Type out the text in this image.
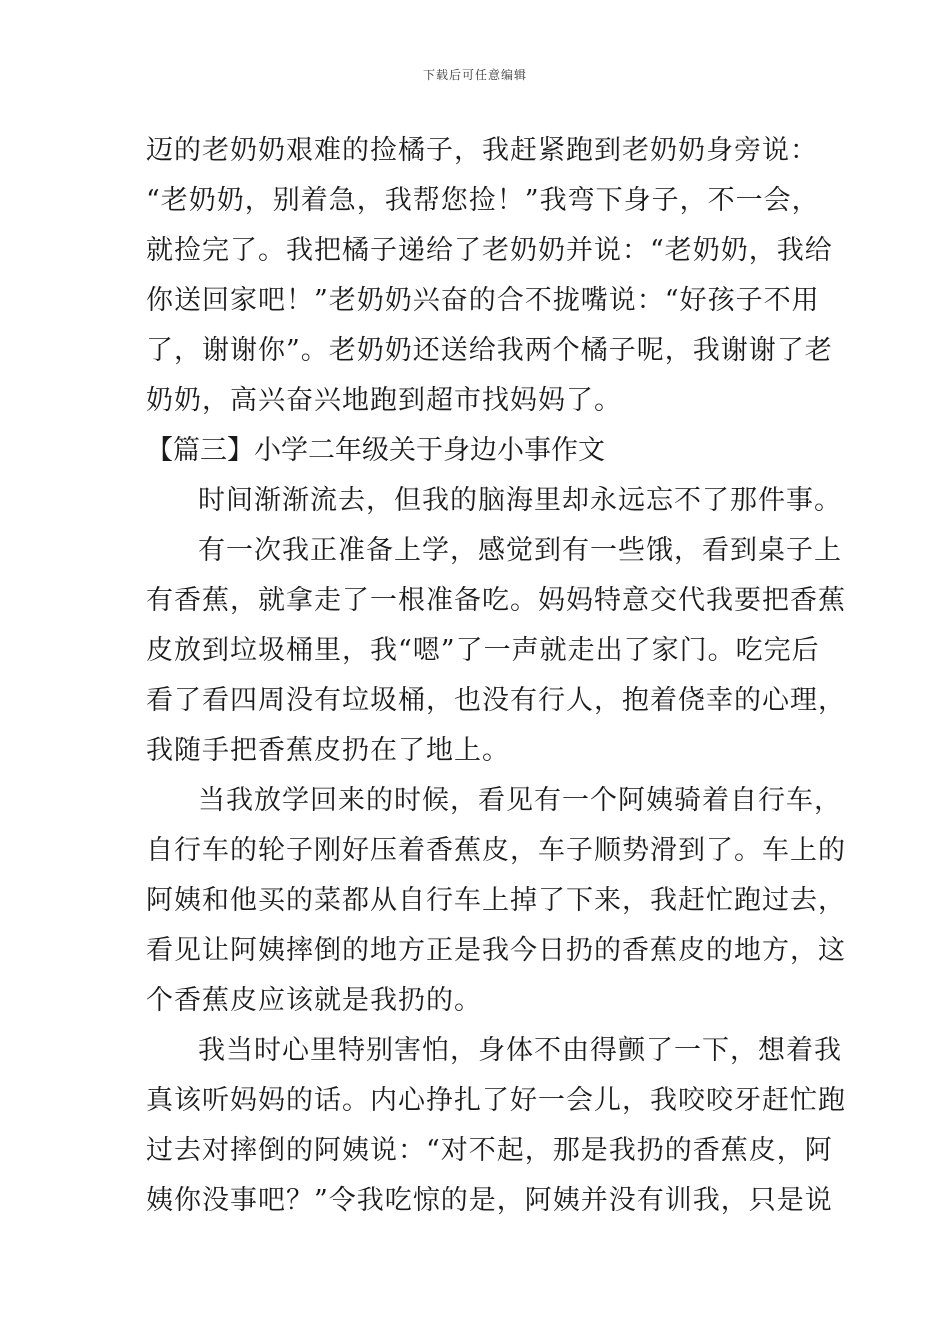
下载后可任意编辑
迈的老奶奶艰难的捡橘子，我赶紧跑到老奶奶身旁说：
“老奶奶，别着急，我帮您捡！”我弯下身子，不一会，
就捡完了。我把橘子递给了老奶奶并说：“老奶奶，我给
你送回家吧！”老奶奶兴奋的合不拢嘴说：“好孩子不用
了，谢谢你”。老奶奶还送给我两个橘子呢，我谢谢了老
奶奶，高兴奋兴地跑到超市找妈妈了。
【篇三】小学二年级关于身边小事作文
时间渐渐流去，但我的脑海里却永远忘不了那件事。
有一次我正准备上学，感觉到有一些饿，看到桌子上
有香蕉，就拿走了一根准备吃。妈妈特意交代我要把香蕉
皮放到垃圾桶里，我“嗯”了一声就走出了家门。吃完后
看了看四周没有垃圾桶，也没有行人，抱着侥幸的心理，
我随手把香蕉皮扔在了地上。
当我放学回来的时候，看见有一个阿姨骑着自行车，
自行车的轮子刚好压着香蕉皮，车子顺势滑到了。车上的
阿姨和他买的菜都从自行车上掉了下来，我赶忙跑过去，
看见让阿姨摔倒的地方正是我今日扔的香蕉皮的地方，这
个香蕉皮应该就是我扔的。
我当时心里特别害怕，身体不由得颤了一下，想着我
真该听妈妈的话。内心挣扎了好一会儿，我咬咬牙赶忙跑
过去对摔倒的阿姨说：“对不起，那是我扔的香蕉皮，阿
姨你没事吧？”令我吃惊的是，阿姨并没有训我，只是说
